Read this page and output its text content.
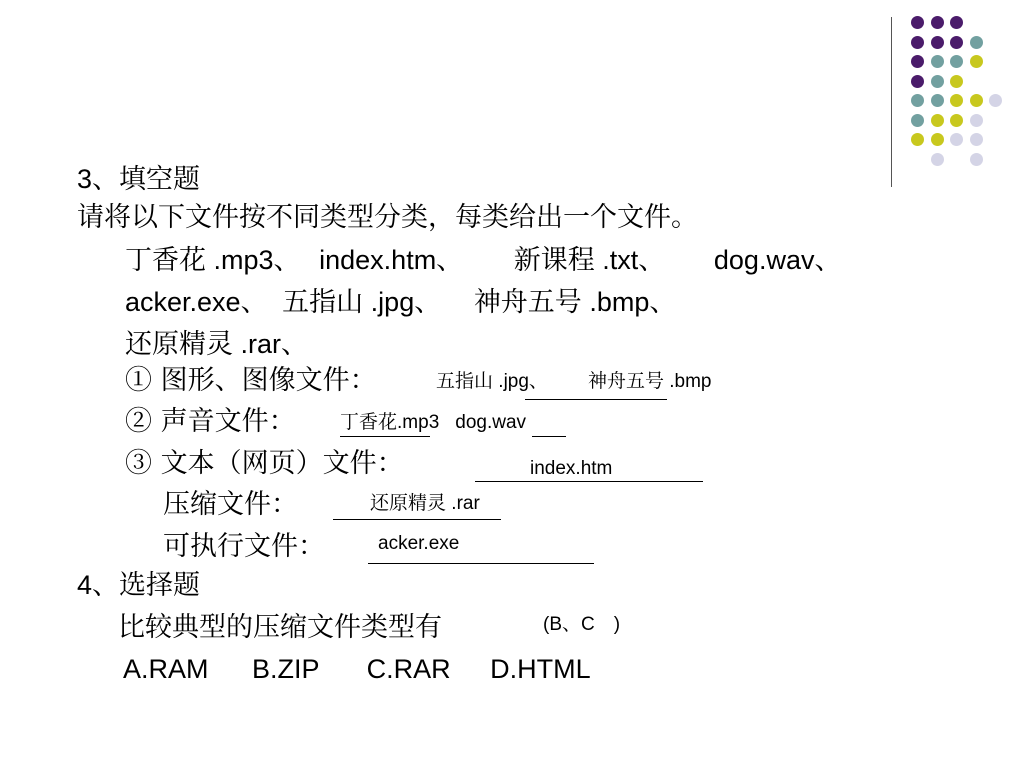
3、填空题
请将以下文件按不同类型分类，每类给出一个文件。
丁香花 .mp3、 index.htm、 新课程 .txt、 dog.wav、
acker.exe、 五指山 .jpg、 神舟五号 .bmp、
还原精灵 .rar、
① 图形、图像文件：	五指山 .jpg、 神舟五号 .bmp
② 声音文件： 丁香花.mp3 dog.wav
③ 文本（网页）文件：	index.htm
压缩文件：	还原精灵 .rar
可执行文件：	acker.exe
4、选择题
比较典型的压缩文件类型有	(B、C　)
A.RAM B.ZIP C.RAR D.HTML
